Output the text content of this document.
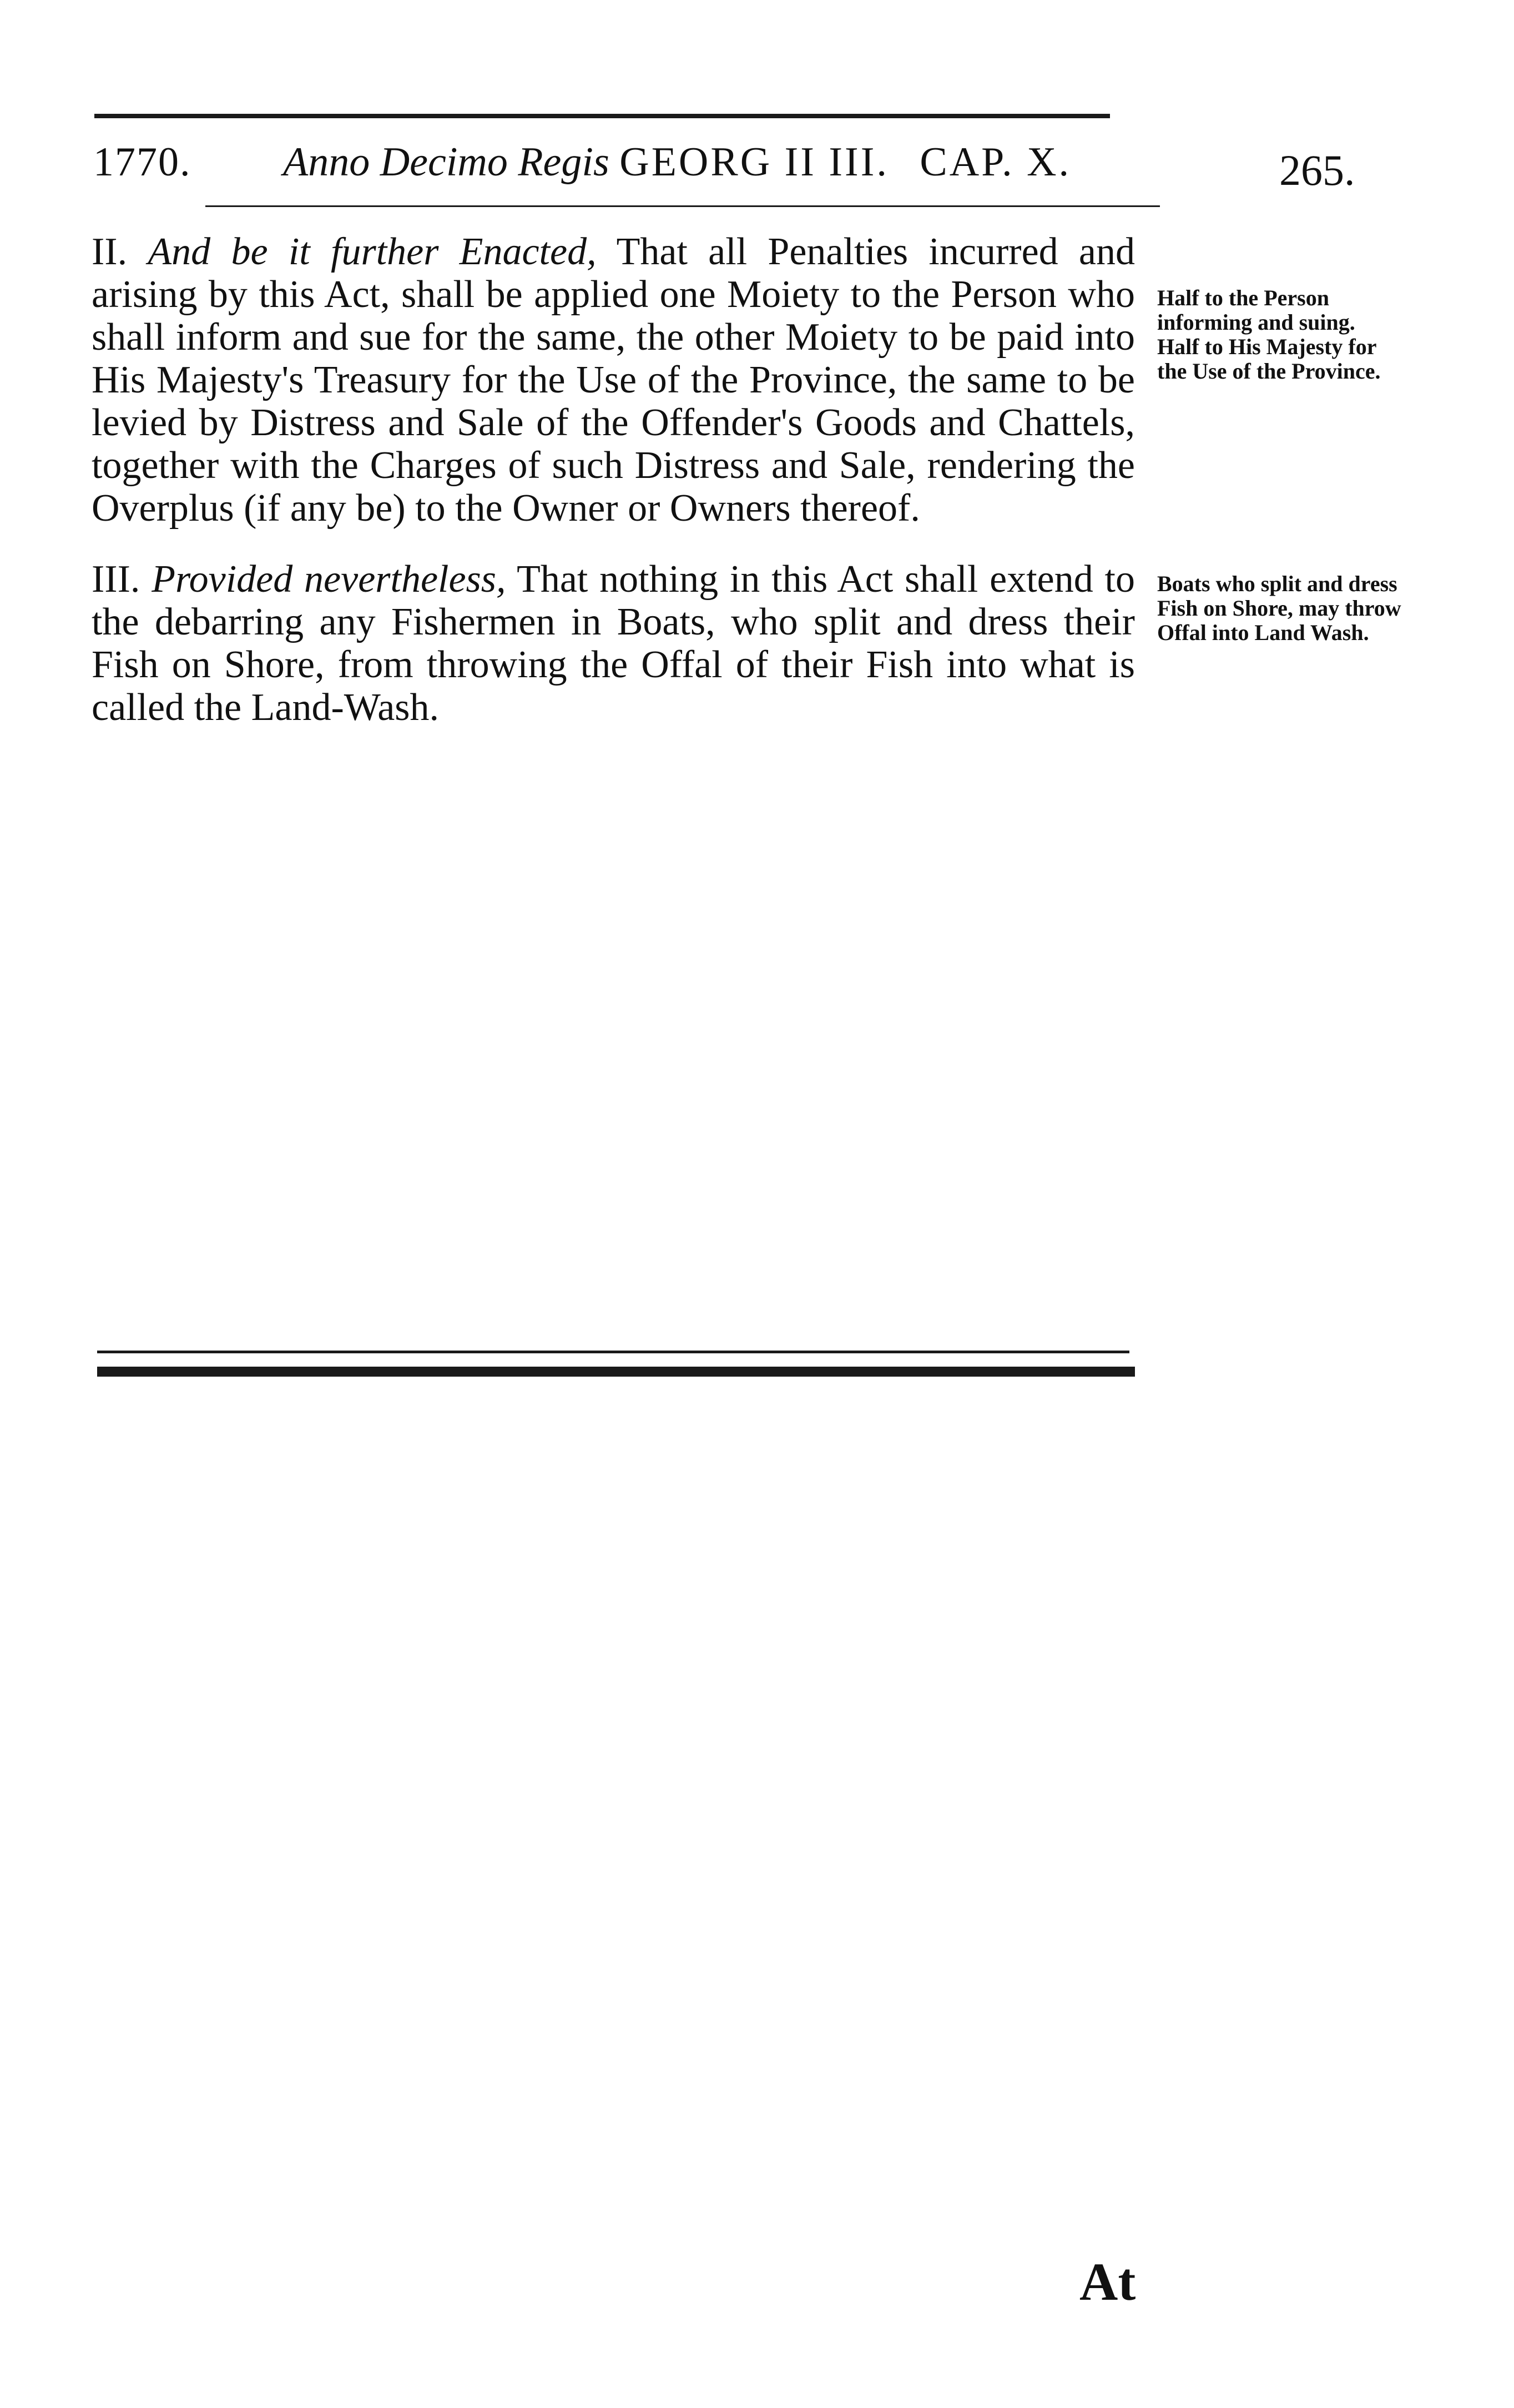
1770. Anno Decimo Regis GEORG II III. CAP. X.	265.
II. And be it further Enacted, That all Penalties incurred and arising by this Act, shall be applied one Moiety to the Person who shall inform and sue for the same, the other Moiety to be paid into His Majesty's Treasury for the Use of the Province, the same to be levied by Distress and Sale of the Offender's Goods and Chattels, together with the Charges of such Distress and Sale, rendering the Overplus (if any be) to the Owner or Owners thereof.
Half to the Person informing and suing. Half to His Majesty for the Use of the Province.
III. Provided nevertheless, That nothing in this Act shall extend to the debarring any Fishermen in Boats, who split and dress their Fish on Shore, from throwing the Offal of their Fish into what is called the Land-Wash.
Boats who split and dress Fish on Shore, may throw Offal into Land Wash.
At
